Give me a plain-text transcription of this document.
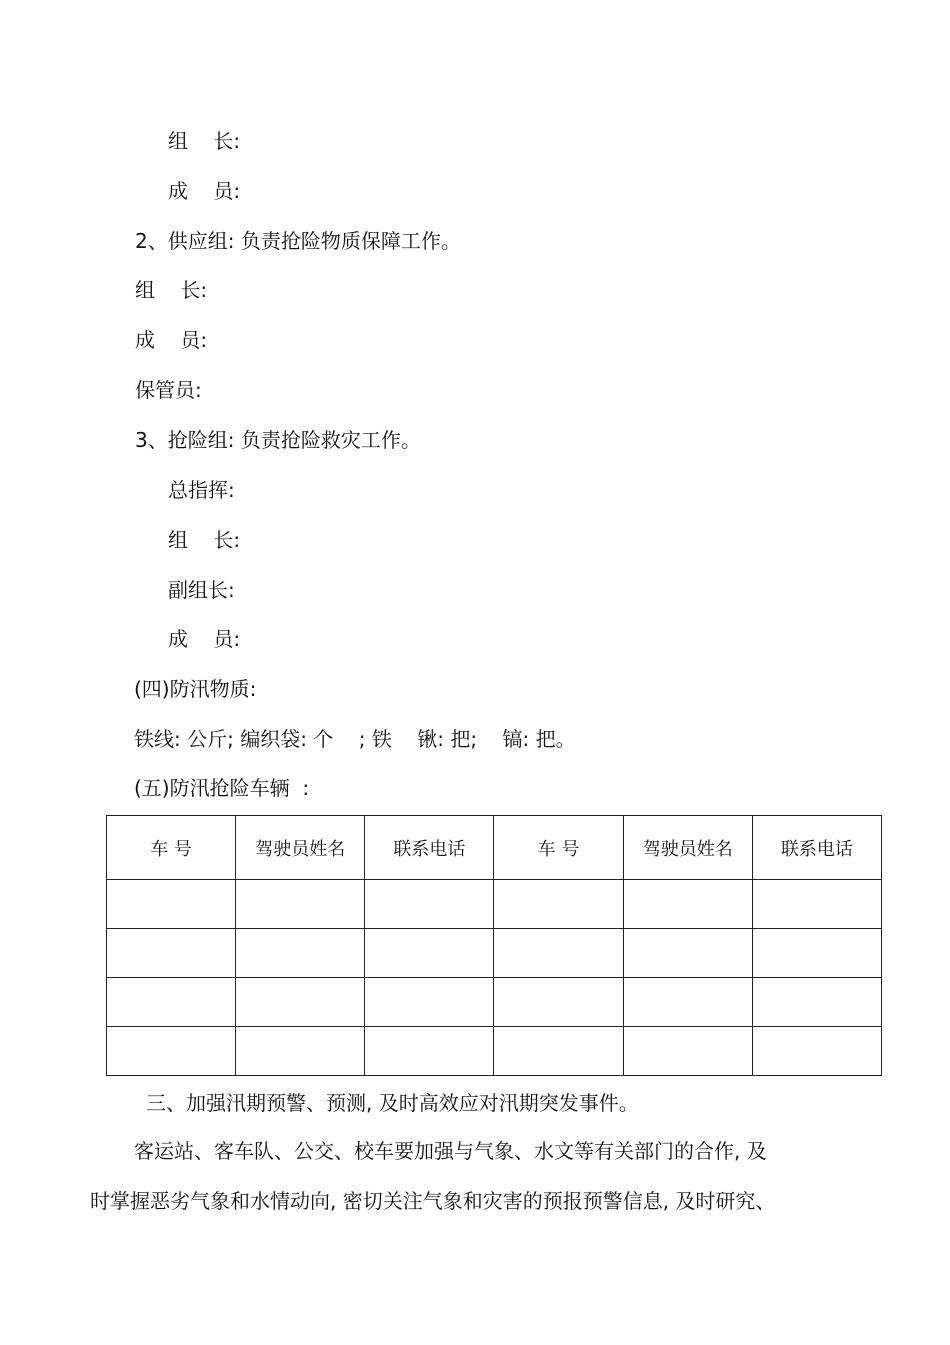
组    长:
成    员:
2、供应组: 负责抢险物质保障工作。
组    长:
成    员:
保管员:
3、抢险组: 负责抢险救灾工作。
总指挥:
组    长:
副组长:
成    员:
(四)防汛物质:
铁线: 公斤; 编织袋: 个    ; 铁    锹: 把;    镐: 把。
(五)防汛抢险车辆  :
车 号	驾驶员姓名	联系电话	车 号	驾驶员姓名	联系电话

三、加强汛期预警、预测, 及时高效应对汛期突发事件。
客运站、客车队、公交、校车要加强与气象、水文等有关部门的合作, 及
时掌握恶劣气象和水情动向, 密切关注气象和灾害的预报预警信息, 及时研究、
